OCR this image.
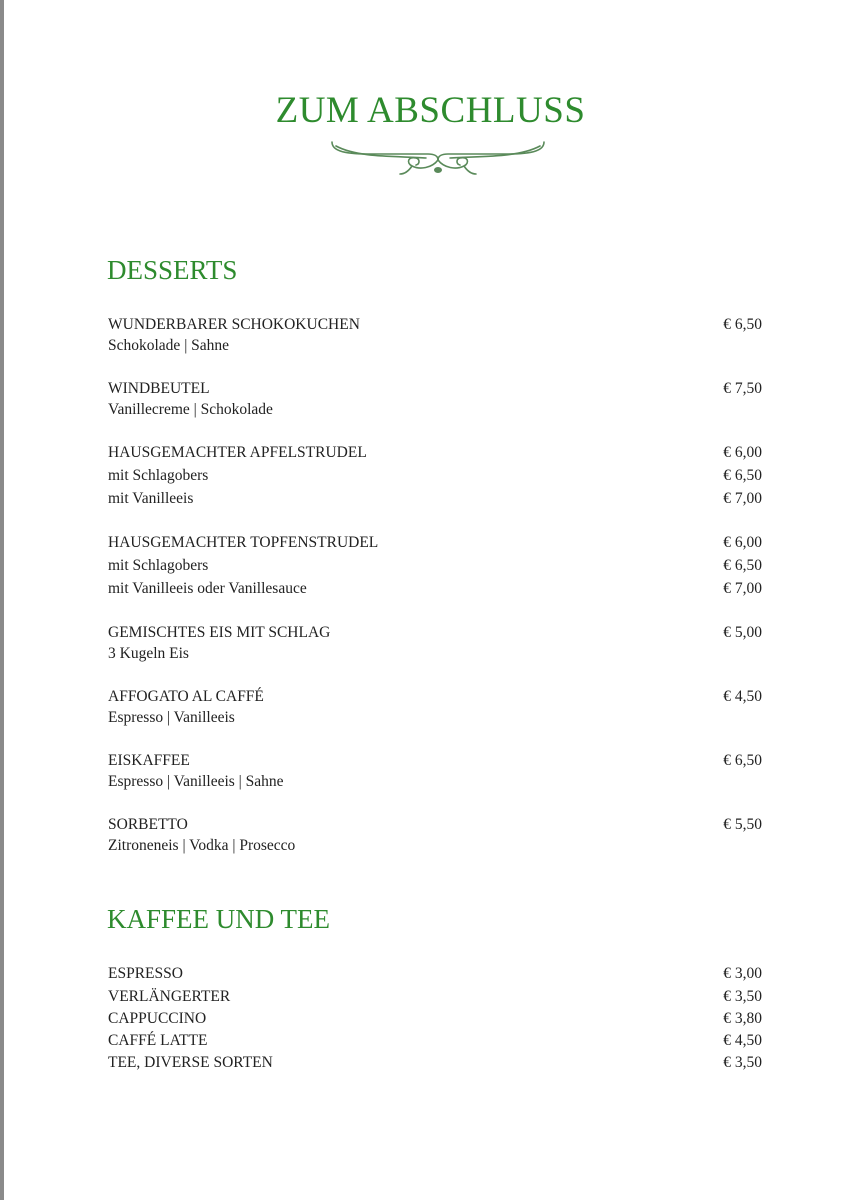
ZUM ABSCHLUSS
DESSERTS
WUNDERBARER SCHOKOKUCHEN	€ 6,50
Schokolade | Sahne
WINDBEUTEL	€ 7,50
Vanillecreme | Schokolade
HAUSGEMACHTER APFELSTRUDEL	€ 6,00
mit Schlagobers	€ 6,50
mit Vanilleeis	€ 7,00
HAUSGEMACHTER TOPFENSTRUDEL	€ 6,00
mit Schlagobers	€ 6,50
mit Vanilleeis oder Vanillesauce	€ 7,00
GEMISCHTES EIS MIT SCHLAG	€ 5,00
3 Kugeln Eis
AFFOGATO AL CAFFÉ	€ 4,50
Espresso | Vanilleeis
EISKAFFEE	€ 6,50
Espresso | Vanilleeis | Sahne
SORBETTO	€ 5,50
Zitroneneis | Vodka | Prosecco
KAFFEE UND TEE
ESPRESSO	€ 3,00
VERLÄNGERTER	€ 3,50
CAPPUCCINO	€ 3,80
CAFFÉ LATTE	€ 4,50
TEE, DIVERSE SORTEN	€ 3,50
